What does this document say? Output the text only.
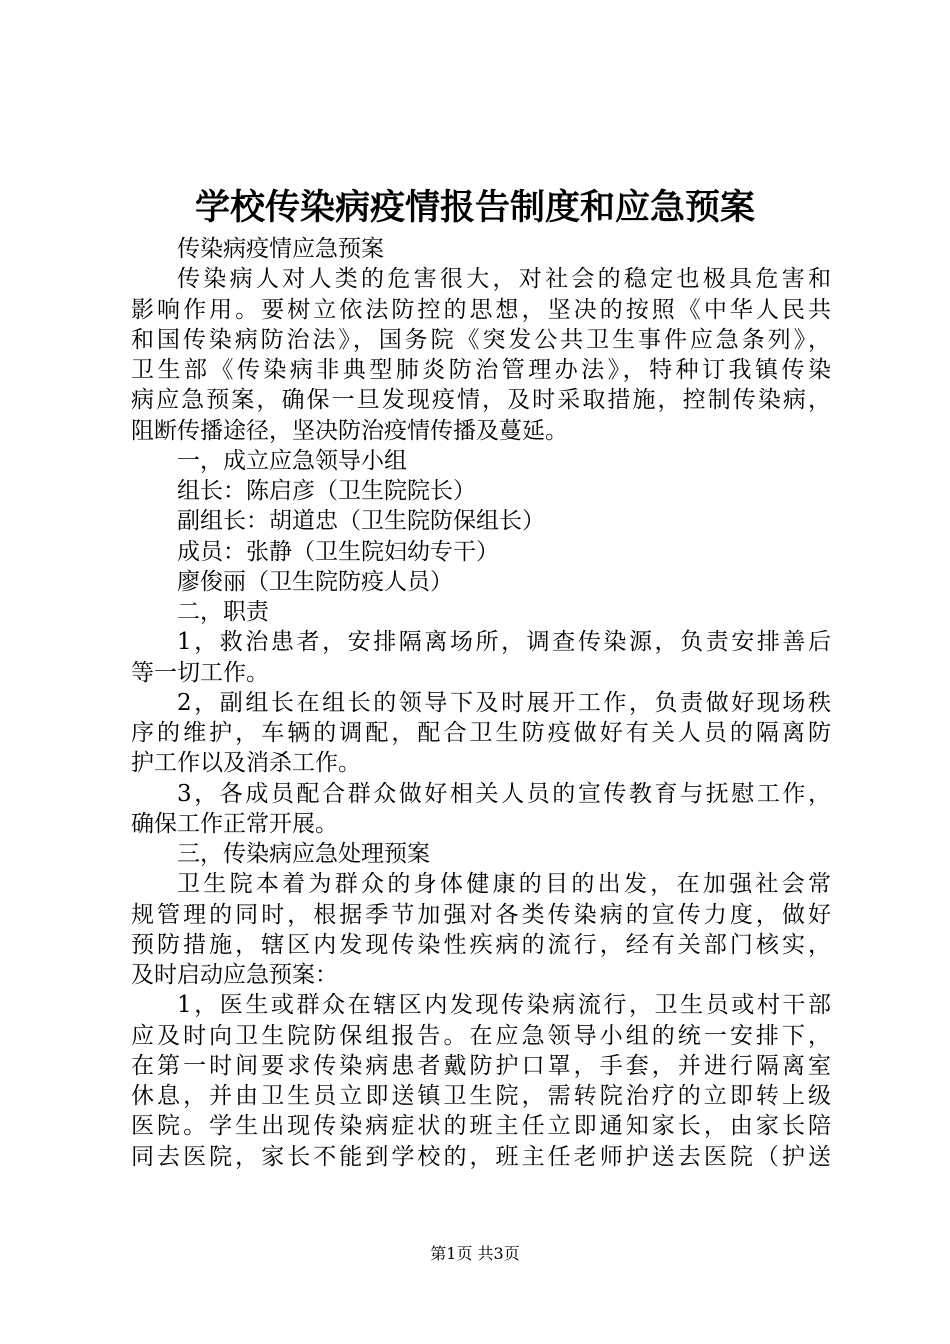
学校传染病疫情报告制度和应急预案
传染病疫情应急预案
传染病人对人类的危害很大，对社会的稳定也极具危害和
影响作用。要树立依法防控的思想，坚决的按照《中华人民共
和国传染病防治法》，国务院《突发公共卫生事件应急条列》，
卫生部《传染病非典型肺炎防治管理办法》，特种订我镇传染
病应急预案，确保一旦发现疫情，及时采取措施，控制传染病，
阻断传播途径，坚决防治疫情传播及蔓延。
一，成立应急领导小组
组长：陈启彦（卫生院院长）
副组长：胡道忠（卫生院防保组长）
成员：张静（卫生院妇幼专干）
廖俊丽（卫生院防疫人员）
二，职责
1，救治患者，安排隔离场所，调查传染源，负责安排善后
等一切工作。
2，副组长在组长的领导下及时展开工作，负责做好现场秩
序的维护，车辆的调配，配合卫生防疫做好有关人员的隔离防
护工作以及消杀工作。
3，各成员配合群众做好相关人员的宣传教育与抚慰工作，
确保工作正常开展。
三，传染病应急处理预案
卫生院本着为群众的身体健康的目的出发，在加强社会常
规管理的同时，根据季节加强对各类传染病的宣传力度，做好
预防措施，辖区内发现传染性疾病的流行，经有关部门核实，
及时启动应急预案：
1，医生或群众在辖区内发现传染病流行，卫生员或村干部
应及时向卫生院防保组报告。在应急领导小组的统一安排下，
在第一时间要求传染病患者戴防护口罩，手套，并进行隔离室
休息，并由卫生员立即送镇卫生院，需转院治疗的立即转上级
医院。学生出现传染病症状的班主任立即通知家长，由家长陪
同去医院，家长不能到学校的，班主任老师护送去医院（护送
第1页 共3页
